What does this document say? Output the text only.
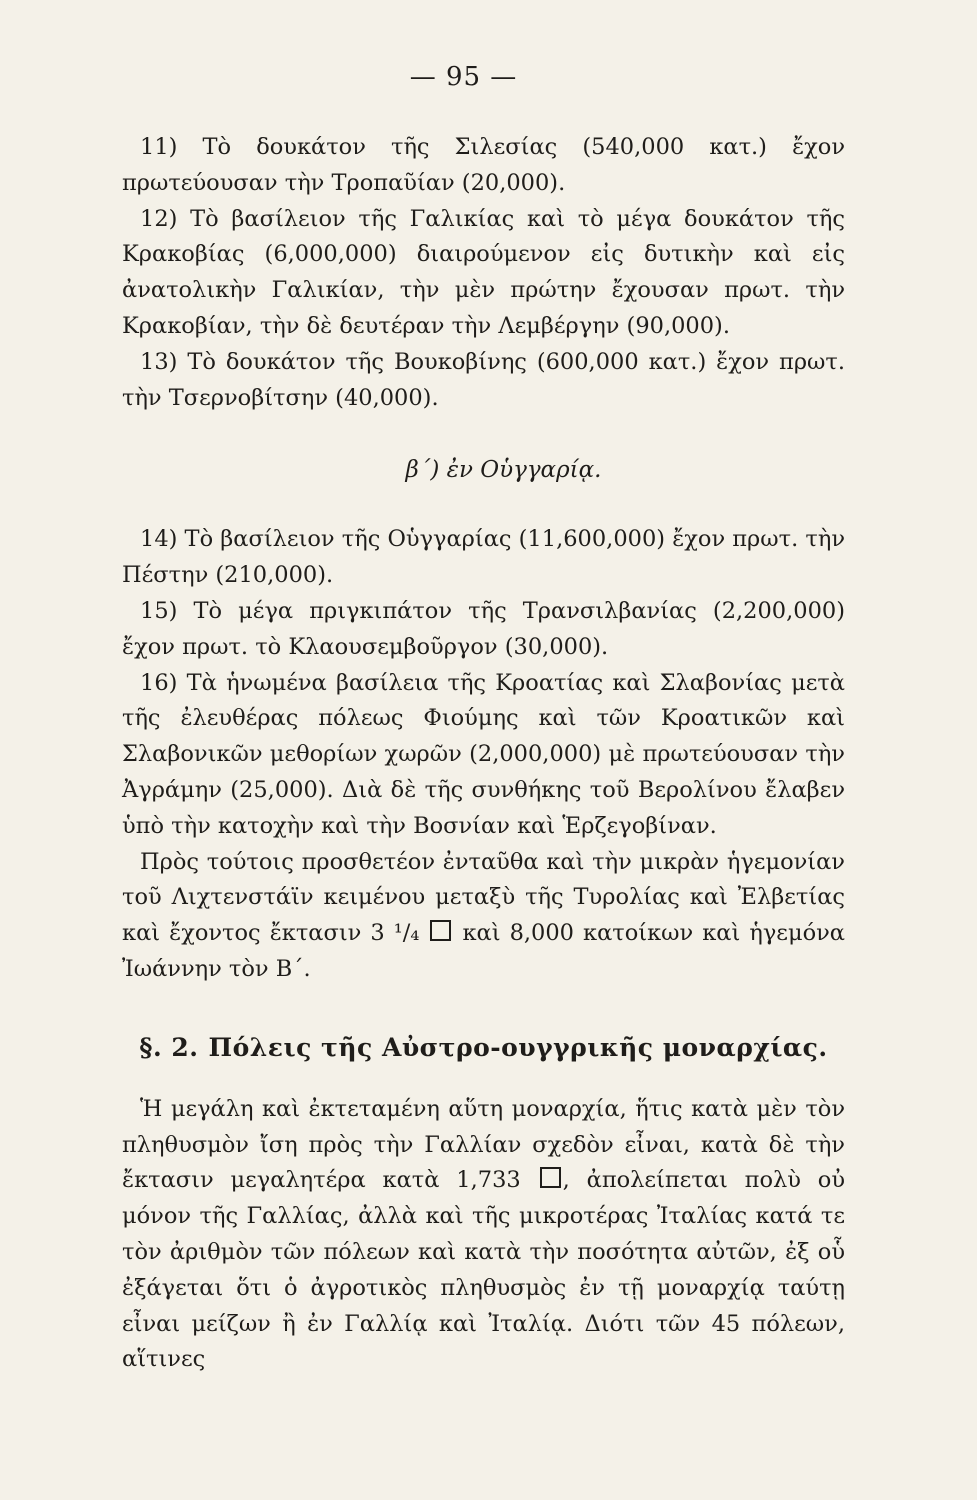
— 95 —

11) Τὸ δουκάτον τῆς Σιλεσίας (540,000 κατ.) ἔχον πρωτεύουσαν τὴν Τροπαῦίαν (20,000).

12) Τὸ βασίλειον τῆς Γαλικίας καὶ τὸ μέγα δουκάτον τῆς Κρακοβίας (6,000,000) διαιρούμενον εἰς δυτικὴν καὶ εἰς ἀνατολικὴν Γαλικίαν, τὴν μὲν πρώτην ἔχουσαν πρωτ. τὴν Κρακοβίαν, τὴν δὲ δευτέραν τὴν Λεμβέργην (90,000).

13) Τὸ δουκάτον τῆς Βουκοβίνης (600,000 κατ.) ἔχον πρωτ. τὴν Τσερνοβίτσην (40,000).

β΄) ἐν Οὑγγαρίᾳ.

14) Τὸ βασίλειον τῆς Οὑγγαρίας (11,600,000) ἔχον πρωτ. τὴν Πέστην (210,000).

15) Τὸ μέγα πριγκιπάτον τῆς Τρανσιλβανίας (2,200,000) ἔχον πρωτ. τὸ Κλαουσεμβοῦργον (30,000).

16) Τὰ ἡνωμένα βασίλεια τῆς Κροατίας καὶ Σλαβονίας μετὰ τῆς ἐλευθέρας πόλεως Φιούμης καὶ τῶν Κροατικῶν καὶ Σλαβονικῶν μεθορίων χωρῶν (2,000,000) μὲ πρωτεύουσαν τὴν Ἀγράμην (25,000). Διὰ δὲ τῆς συνθήκης τοῦ Βερολίνου ἔλαβεν ὑπὸ τὴν κατοχὴν καὶ τὴν Βοσνίαν καὶ Ἑρζεγοβίναν.

Πρὸς τούτοις προσθετέον ἐνταῦθα καὶ τὴν μικρὰν ἡγεμονίαν τοῦ Λιχτενστάϊν κειμένου μεταξὺ τῆς Τυρολίας καὶ Ἐλβετίας καὶ ἔχοντος ἔκτασιν 3 ¹/₄ καὶ 8,000 κατοίκων καὶ ἡγεμόνα Ἰωάννην τὸν Β΄.

§. 2. Πόλεις τῆς Αὐστρο-ουγγρικῆς μοναρχίας.

Ἡ μεγάλη καὶ ἐκτεταμένη αὕτη μοναρχία, ἥτις κατὰ μὲν τὸν πληθυσμὸν ἴση πρὸς τὴν Γαλλίαν σχεδὸν εἶναι, κατὰ δὲ τὴν ἔκτασιν μεγαλητέρα κατὰ 1,733 , ἀπολείπεται πολὺ οὐ μόνον τῆς Γαλλίας, ἀλλὰ καὶ τῆς μικροτέρας Ἰταλίας κατά τε τὸν ἀριθμὸν τῶν πόλεων καὶ κατὰ τὴν ποσότητα αὐτῶν, ἐξ οὗ ἐξάγεται ὅτι ὁ ἀγροτικὸς πληθυσμὸς ἐν τῇ μοναρχίᾳ ταύτῃ εἶναι μείζων ἢ ἐν Γαλλίᾳ καὶ Ἰταλίᾳ. Διότι τῶν 45 πόλεων, αἵτινες
